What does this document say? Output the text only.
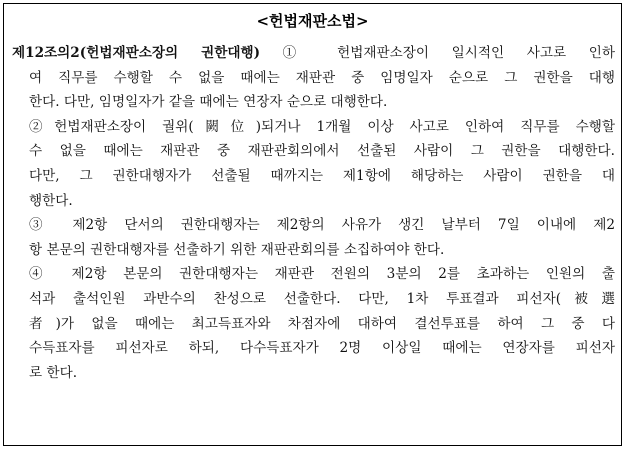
<헌법재판소법>
제12조의2(헌법재판소장의 권한대행) ① 헌법재판소장이 일시적인 사고로 인하
여 직무를 수행할 수 없을 때에는 재판관 중 임명일자 순으로 그 권한을 대행
한다. 다만, 임명일자가 같을 때에는 연장자 순으로 대행한다.
②헌법재판소장이 궐위(闕位)되거나 1개월 이상 사고로 인하여 직무를 수행할
수 없을 때에는 재판관 중 재판관회의에서 선출된 사람이 그 권한을 대행한다.
다만, 그 권한대행자가 선출될 때까지는 제1항에 해당하는 사람이 권한을 대
행한다.
③ 제2항 단서의 권한대행자는 제2항의 사유가 생긴 날부터 7일 이내에 제2
항 본문의 권한대행자를 선출하기 위한 재판관회의를 소집하여야 한다.
④ 제2항 본문의 권한대행자는 재판관 전원의 3분의 2를 초과하는 인원의 출
석과 출석인원 과반수의 찬성으로 선출한다. 다만, 1차 투표결과 피선자(被選
者)가 없을 때에는 최고득표자와 차점자에 대하여 결선투표를 하여 그 중 다
수득표자를 피선자로 하되, 다수득표자가 2명 이상일 때에는 연장자를 피선자
로 한다.
